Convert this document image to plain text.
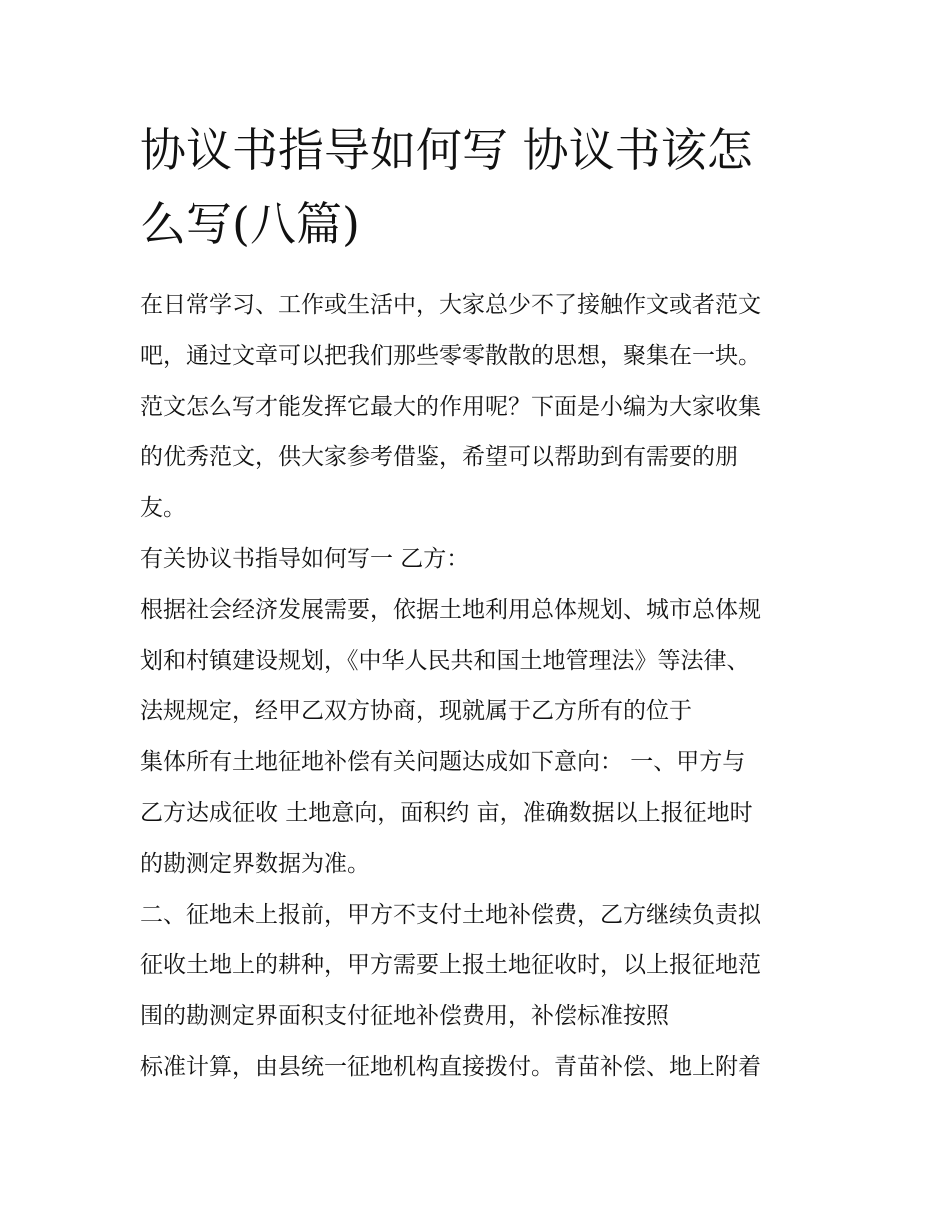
协议书指导如何写 协议书该怎
么写(八篇)
在日常学习、工作或生活中，大家总少不了接触作文或者范文
吧，通过文章可以把我们那些零零散散的思想，聚集在一块。
范文怎么写才能发挥它最大的作用呢？下面是小编为大家收集
的优秀范文，供大家参考借鉴，希望可以帮助到有需要的朋
友。
有关协议书指导如何写一 乙方：
根据社会经济发展需要，依据土地利用总体规划、城市总体规
划和村镇建设规划，《中华人民共和国土地管理法》等法律、
法规规定，经甲乙双方协商，现就属于乙方所有的位于
集体所有土地征地补偿有关问题达成如下意向： 一、甲方与
乙方达成征收 土地意向，面积约 亩，准确数据以上报征地时
的勘测定界数据为准。
二、征地未上报前，甲方不支付土地补偿费，乙方继续负责拟
征收土地上的耕种，甲方需要上报土地征收时，以上报征地范
围的勘测定界面积支付征地补偿费用，补偿标准按照
标准计算，由县统一征地机构直接拨付。青苗补偿、地上附着
